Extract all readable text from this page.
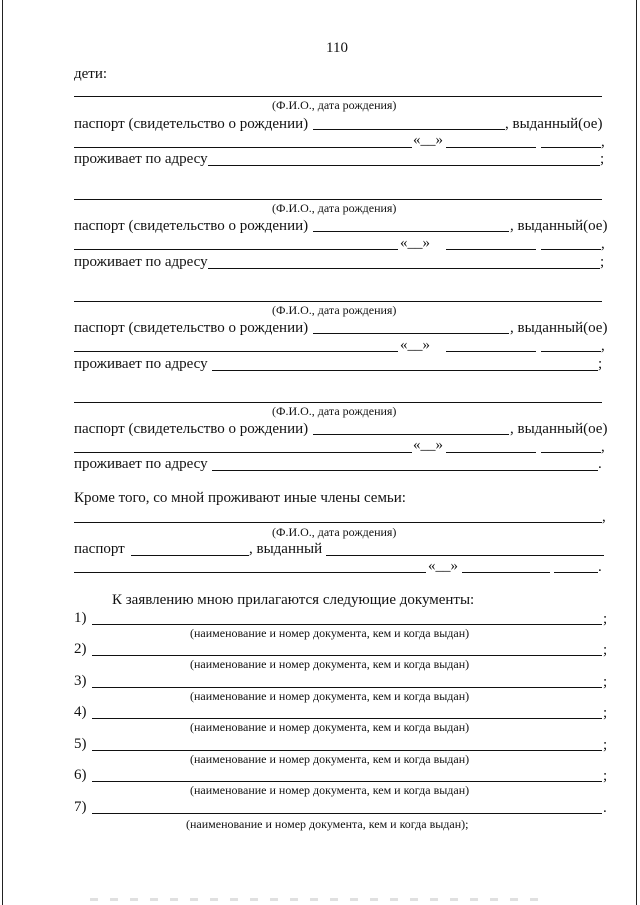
110
дети:
(Ф.И.О., дата рождения)
паспорт (свидетельство о рождении)	, выданный(ое)
«__»	,
проживает по адресу	;
(Ф.И.О., дата рождения)
паспорт (свидетельство о рождении)	, выданный(ое)
«__»	,
проживает по адресу	;
(Ф.И.О., дата рождения)
паспорт (свидетельство о рождении)	, выданный(ое)
«__»	,
проживает по адресу	;
(Ф.И.О., дата рождения)
паспорт (свидетельство о рождении)	, выданный(ое)
«__»	,
проживает по адресу	.
Кроме того, со мной проживают иные члены семьи:
,
(Ф.И.О., дата рождения)
паспорт	, выданный
«__»	.
К заявлению мною прилагаются следующие документы:
1)	;
(наименование и номер документа, кем и когда выдан)
2)	;
(наименование и номер документа, кем и когда выдан)
3)	;
(наименование и номер документа, кем и когда выдан)
4)	;
(наименование и номер документа, кем и когда выдан)
5)	;
(наименование и номер документа, кем и когда выдан)
6)	;
(наименование и номер документа, кем и когда выдан)
7)	.
(наименование и номер документа, кем и когда выдан);
